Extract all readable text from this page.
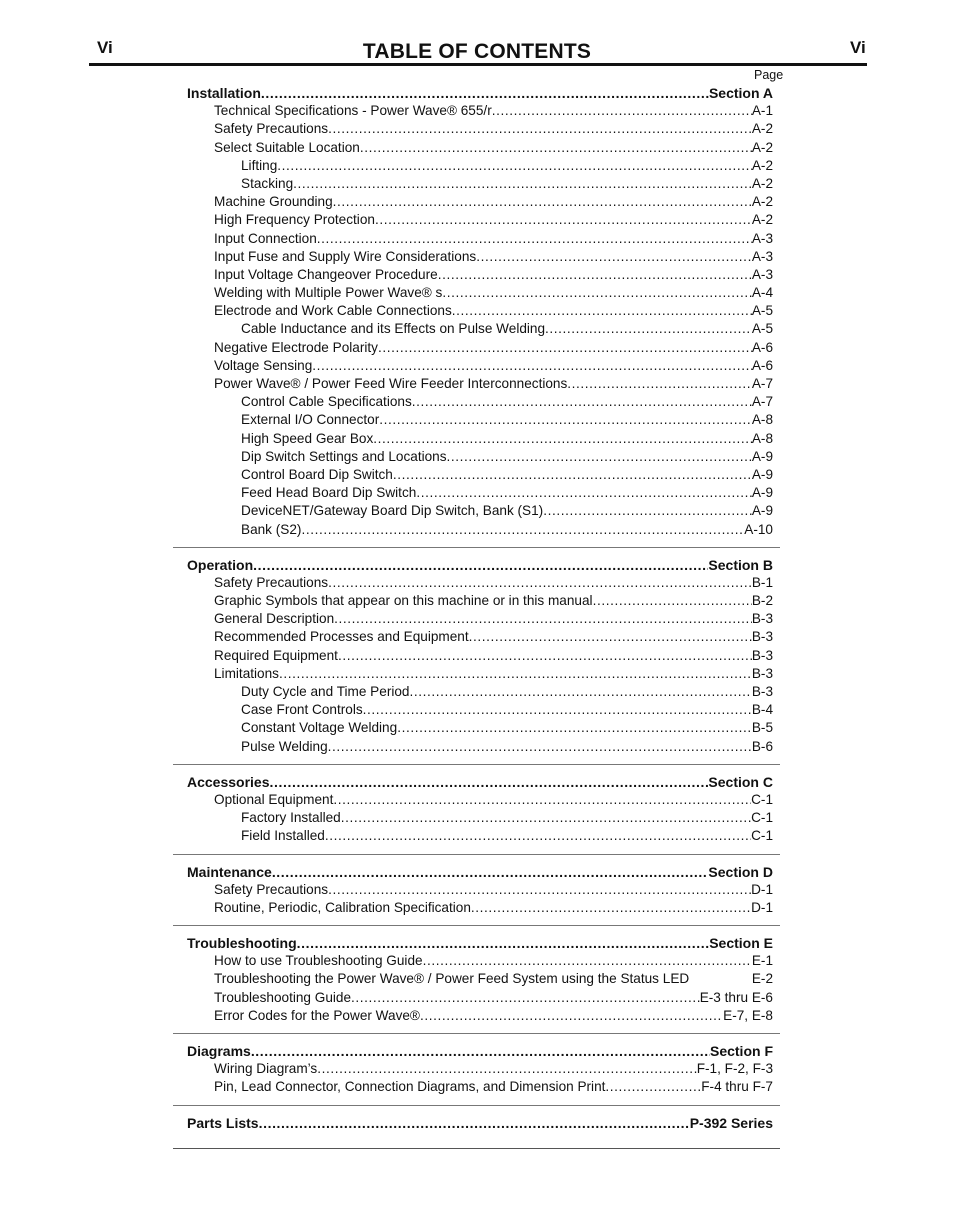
Vi	TABLE OF CONTENTS	Vi
Page
Installation .....	Section A
Technical Specifications - Power Wave® 655/r .....	A-1
Safety Precautions .....	A-2
Select Suitable Location .....	A-2
Lifting .....	A-2
Stacking .....	A-2
Machine Grounding .....	A-2
High Frequency Protection .....	A-2
Input Connection .....	A-3
Input Fuse and Supply Wire Considerations .....	A-3
Input Voltage Changeover Procedure .....	A-3
Welding with Multiple Power Wave® s .....	A-4
Electrode and Work Cable Connections .....	A-5
Cable Inductance and its Effects on Pulse Welding .....	A-5
Negative Electrode Polarity .....	A-6
Voltage Sensing .....	A-6
Power Wave® / Power Feed Wire Feeder Interconnections .....	A-7
Control Cable Specifications .....	A-7
External I/O Connector .....	A-8
High Speed Gear Box .....	A-8
Dip Switch Settings and Locations .....	A-9
Control Board Dip Switch .....	A-9
Feed Head Board Dip Switch .....	A-9
DeviceNET/Gateway Board Dip Switch, Bank (S1) .....	A-9
Bank (S2) .....	A-10
Operation .....	Section B
Safety Precautions .....	B-1
Graphic Symbols that appear on this machine or in this manual .....	B-2
General Description .....	B-3
Recommended Processes and Equipment .....	B-3
Required Equipment .....	B-3
Limitations .....	B-3
Duty Cycle and Time Period .....	B-3
Case Front Controls .....	B-4
Constant Voltage Welding .....	B-5
Pulse Welding .....	B-6
Accessories .....	Section C
Optional Equipment .....	C-1
Factory Installed .....	C-1
Field Installed .....	C-1
Maintenance .....	Section D
Safety Precautions .....	D-1
Routine, Periodic, Calibration Specification .....	D-1
Troubleshooting .....	Section E
How to use Troubleshooting Guide .....	E-1
Troubleshooting the Power Wave® / Power Feed System using the Status LED	E-2
Troubleshooting Guide .....	E-3 thru E-6
Error Codes for the Power Wave® .....	E-7, E-8
Diagrams .....	Section F
Wiring Diagram’s .....	F-1, F-2, F-3
Pin, Lead Connector, Connection Diagrams, and Dimension Print .....	F-4 thru F-7
Parts Lists .....	P-392 Series
